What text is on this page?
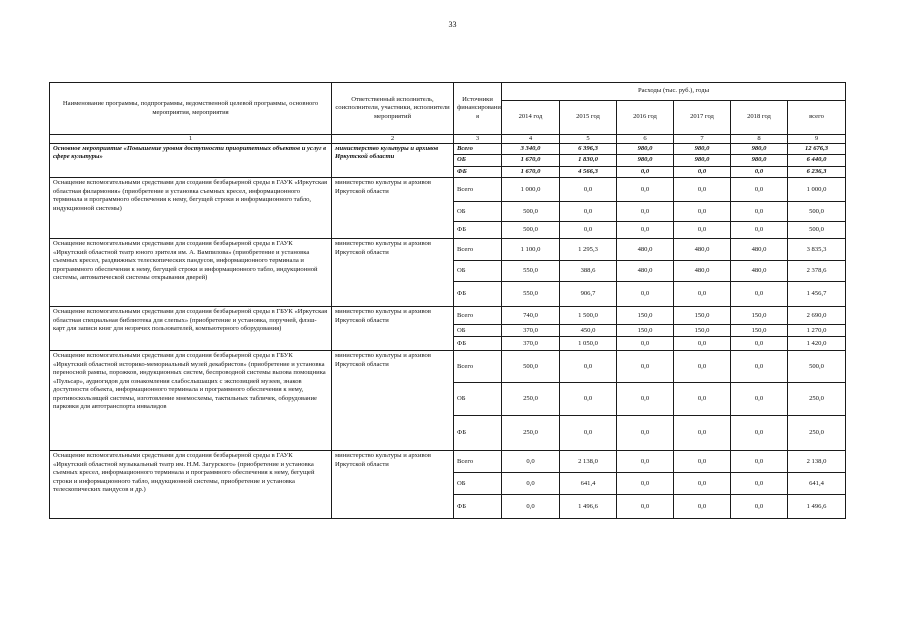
33
Наименование программы, подпрограммы, ведомственной целевой программы, основного мероприятия, мероприятия	Ответственный исполнитель, соисполнители, участники, исполнители мероприятий	Источники финансировани я	Расходы (тыс. руб.), годы					
			2014 год	2015 год	2016 год	2017 год	2018 год	всего
1	2	3	4	5	6	7	8	9
Основное мероприятие «Повышение уровня доступности приоритетных объектов и услуг в сфере культуры»	министерство культуры и архивов Иркутской области	Всего	3 340,0	6 396,3	980,0	980,0	980,0	12 676,3
		ОБ	1 670,0	1 830,0	980,0	980,0	980,0	6 440,0
		ФБ	1 670,0	4 566,3	0,0	0,0	0,0	6 236,3
Оснащение вспомогательными средствами для создания безбарьерной среды в ГАУК «Иркутская областная филармония» (приобретение и установка съемных кресел, информационного терминала и программного обеспечения к нему, бегущей строки и информационного табло, индукционной системы)	министерство культуры и архивов Иркутской области	Всего	1 000,0	0,0	0,0	0,0	0,0	1 000,0
		ОБ	500,0	0,0	0,0	0,0	0,0	500,0
		ФБ	500,0	0,0	0,0	0,0	0,0	500,0
Оснащение вспомогательными средствами для создания безбарьерной среды в ГАУК «Иркутский областной театр юного зрителя им. А. Вампилова» (приобретение и установка съемных кресел, раздвижных телескопических пандусов, информационного терминала и программного обеспечения к нему, бегущей строки и информационного табло, индукционной системы, автоматической системы открывания дверей)	министерство культуры и архивов Иркутской области	Всего	1 100,0	1 295,3	480,0	480,0	480,0	3 835,3
		ОБ	550,0	388,6	480,0	480,0	480,0	2 378,6
		ФБ	550,0	906,7	0,0	0,0	0,0	1 456,7
Оснащение вспомогательными средствами для создания безбарьерной среды в ГБУК «Иркутская областная специальная библиотека для слепых» (приобретение и установка, поручней, флэш-карт для записи книг для незрячих пользователей, компьютерного оборудования)	министерство культуры и архивов Иркутской области	Всего	740,0	1 500,0	150,0	150,0	150,0	2 690,0
		ОБ	370,0	450,0	150,0	150,0	150,0	1 270,0
		ФБ	370,0	1 050,0	0,0	0,0	0,0	1 420,0
Оснащение вспомогательными средствами для создания безбарьерной среды в ГБУК «Иркутский областной историко-мемориальный музей декабристов» (приобретение и установка переносной рампы, порожков, индукционных систем, беспроводной системы вызова помощника «Пульсар», аудиогидов для ознакомления слабослышащих с экспозицией музеев, знаков доступности объекта, информационного терминала и программного обеспечения к нему, противоскользящей системы, изготовление мнемосхемы, тактильных табличек, оборудование парковки для автотранспорта инвалидов	министерство культуры и архивов Иркутской области	Всего	500,0	0,0	0,0	0,0	0,0	500,0
		ОБ	250,0	0,0	0,0	0,0	0,0	250,0
		ФБ	250,0	0,0	0,0	0,0	0,0	250,0
Оснащение вспомогательными средствами для создания безбарьерной среды в ГАУК «Иркутский областной музыкальный театр им. Н.М. Загурского» (приобретение и установка съемных кресел, информационного терминала и программного обеспечения к нему, бегущей строки и информационного табло, индукционной системы, приобретение и установка телескопических пандусов и др.)	министерство культуры и архивов Иркутской области	Всего	0,0	2 138,0	0,0	0,0	0,0	2 138,0
		ОБ	0,0	641,4	0,0	0,0	0,0	641,4
		ФБ	0,0	1 496,6	0,0	0,0	0,0	1 496,6
